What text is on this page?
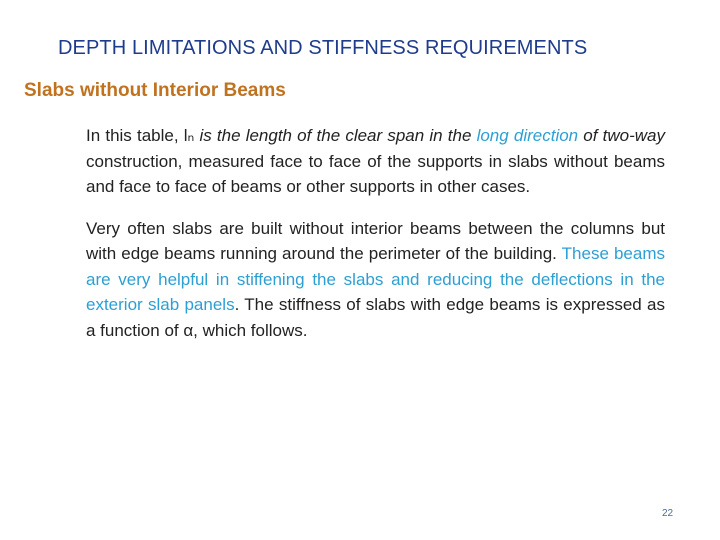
DEPTH LIMITATIONS AND STIFFNESS REQUIREMENTS
Slabs without Interior Beams

In this table, lₙ is the length of the clear span in the long direction of two-way construction, measured face to face of the supports in slabs without beams and face to face of beams or other supports in other cases.

Very often slabs are built without interior beams between the columns but with edge beams running around the perimeter of the building. These beams are very helpful in stiffening the slabs and reducing the deflections in the exterior slab panels. The stiffness of slabs with edge beams is expressed as a function of α, which follows.

22
